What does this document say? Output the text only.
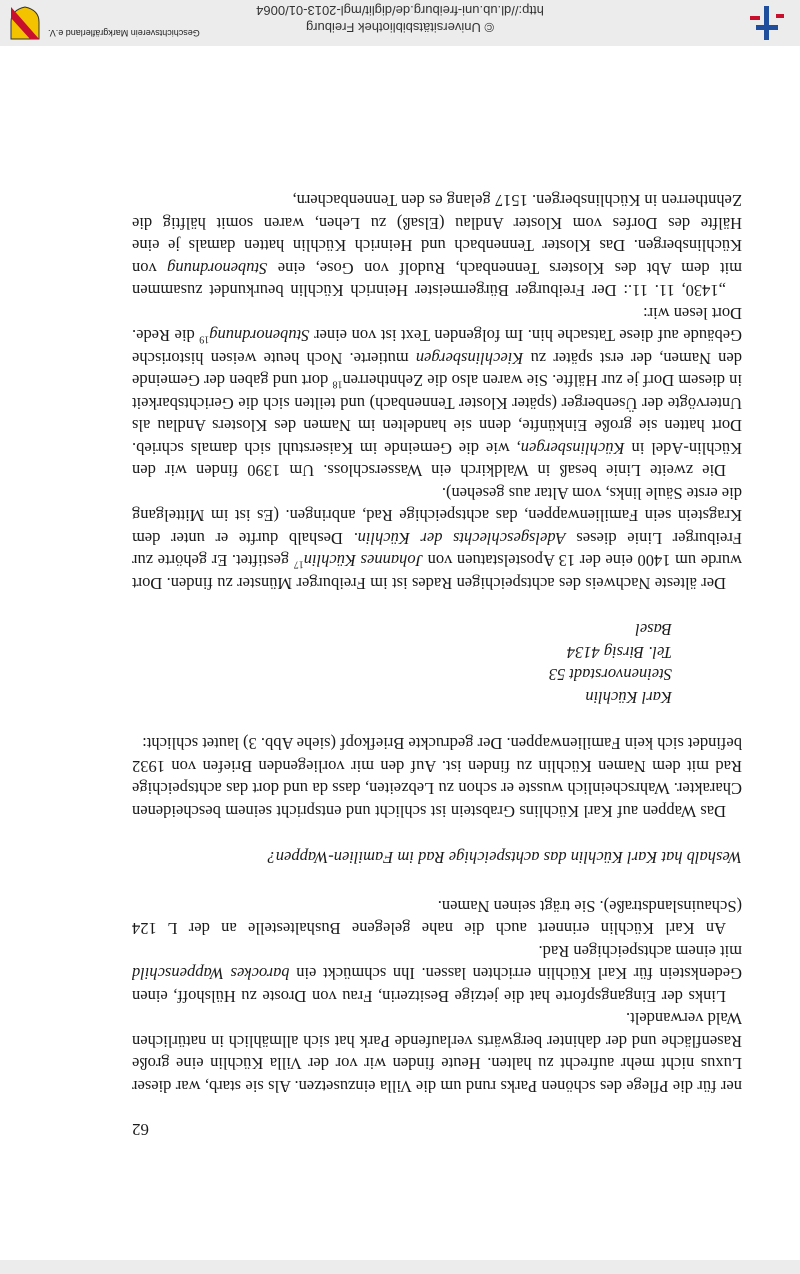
62

ner für die Pflege des schönen Parks rund um die Villa einzusetzen. Als sie starb, war dieser Luxus nicht mehr aufrecht zu halten. Heute finden wir vor der Villa Küchlin eine große Rasenfläche und der dahinter bergwärts verlaufende Park hat sich allmählich in natürlichen Wald verwandelt.

Links der Eingangspforte hat die jetzige Besitzerin, Frau von Droste zu Hülshoff, einen Gedenkstein für Karl Küchlin errichten lassen. Ihn schmückt ein barockes Wappenschild mit einem achtspeichigen Rad.

An Karl Küchlin erinnert auch die nahe gelegene Bushaltestelle an der L 124 (Schauinslandstraße). Sie trägt seinen Namen.

Weshalb hat Karl Küchlin das achtspeichige Rad im Familien-Wappen?

Das Wappen auf Karl Küchlins Grabstein ist schlicht und entspricht seinem bescheidenen Charakter. Wahrscheinlich wusste er schon zu Lebzeiten, dass da und dort das achtspeichige Rad mit dem Namen Küchlin zu finden ist. Auf den mir vorliegenden Briefen von 1932 befindet sich kein Familienwappen. Der gedruckte Briefkopf (siehe Abb. 3) lautet schlicht:

Karl Küchlin
Steinenvorstadt 53
Tel. Birsig 4134
Basel

Der älteste Nachweis des achtspeichigen Rades ist im Freiburger Münster zu finden. Dort wurde um 1400 eine der 13 Apostelstatuen von Johannes Küchlin$^{17}$ gestiftet. Er gehörte zur Freiburger Linie dieses Adelsgeschlechts der Küchlin. Deshalb durfte er unter dem Kragstein sein Familienwappen, das achtspeichige Rad, anbringen. (Es ist im Mittelgang die erste Säule links, vom Altar aus gesehen).

Die zweite Linie besaß in Waldkirch ein Wasserschloss. Um 1390 finden wir den Küchlin-Adel in Küchlinsbergen, wie die Gemeinde im Kaiserstuhl sich damals schrieb. Dort hatten sie große Einkünfte, denn sie handelten im Namen des Klosters Andlau als Untervögte der Üsenberger (später Kloster Tennenbach) und teilten sich die Gerichtsbarkeit in diesem Dorf je zur Hälfte. Sie waren also die Zehntherren$^{18}$ dort und gaben der Gemeinde den Namen, der erst später zu Kiechlinsbergen mutierte. Noch heute weisen historische Gebäude auf diese Tatsache hin. Im folgenden Text ist von einer Stubenordnung$^{19}$ die Rede. Dort lesen wir:

„1430, 11. 11.: Der Freiburger Bürgermeister Heinrich Küchlin beurkundet zusammen mit dem Abt des Klosters Tennenbach, Rudolf von Gose, eine Stubenordnung von Küchlinsbergen. Das Kloster Tennenbach und Heinrich Küchlin hatten damals je eine Hälfte des Dorfes vom Kloster Andlau (Elsaß) zu Lehen, waren somit hälftig die Zehntherren in Küchlinsbergen. 1517 gelang es den Tennenbachern,

© Universitätsbibliothek Freiburg
http://dl.ub.uni-freiburg.de/diglit/mgl-2013-01/0064
Geschichtsverein Markgräflerland e.V.
